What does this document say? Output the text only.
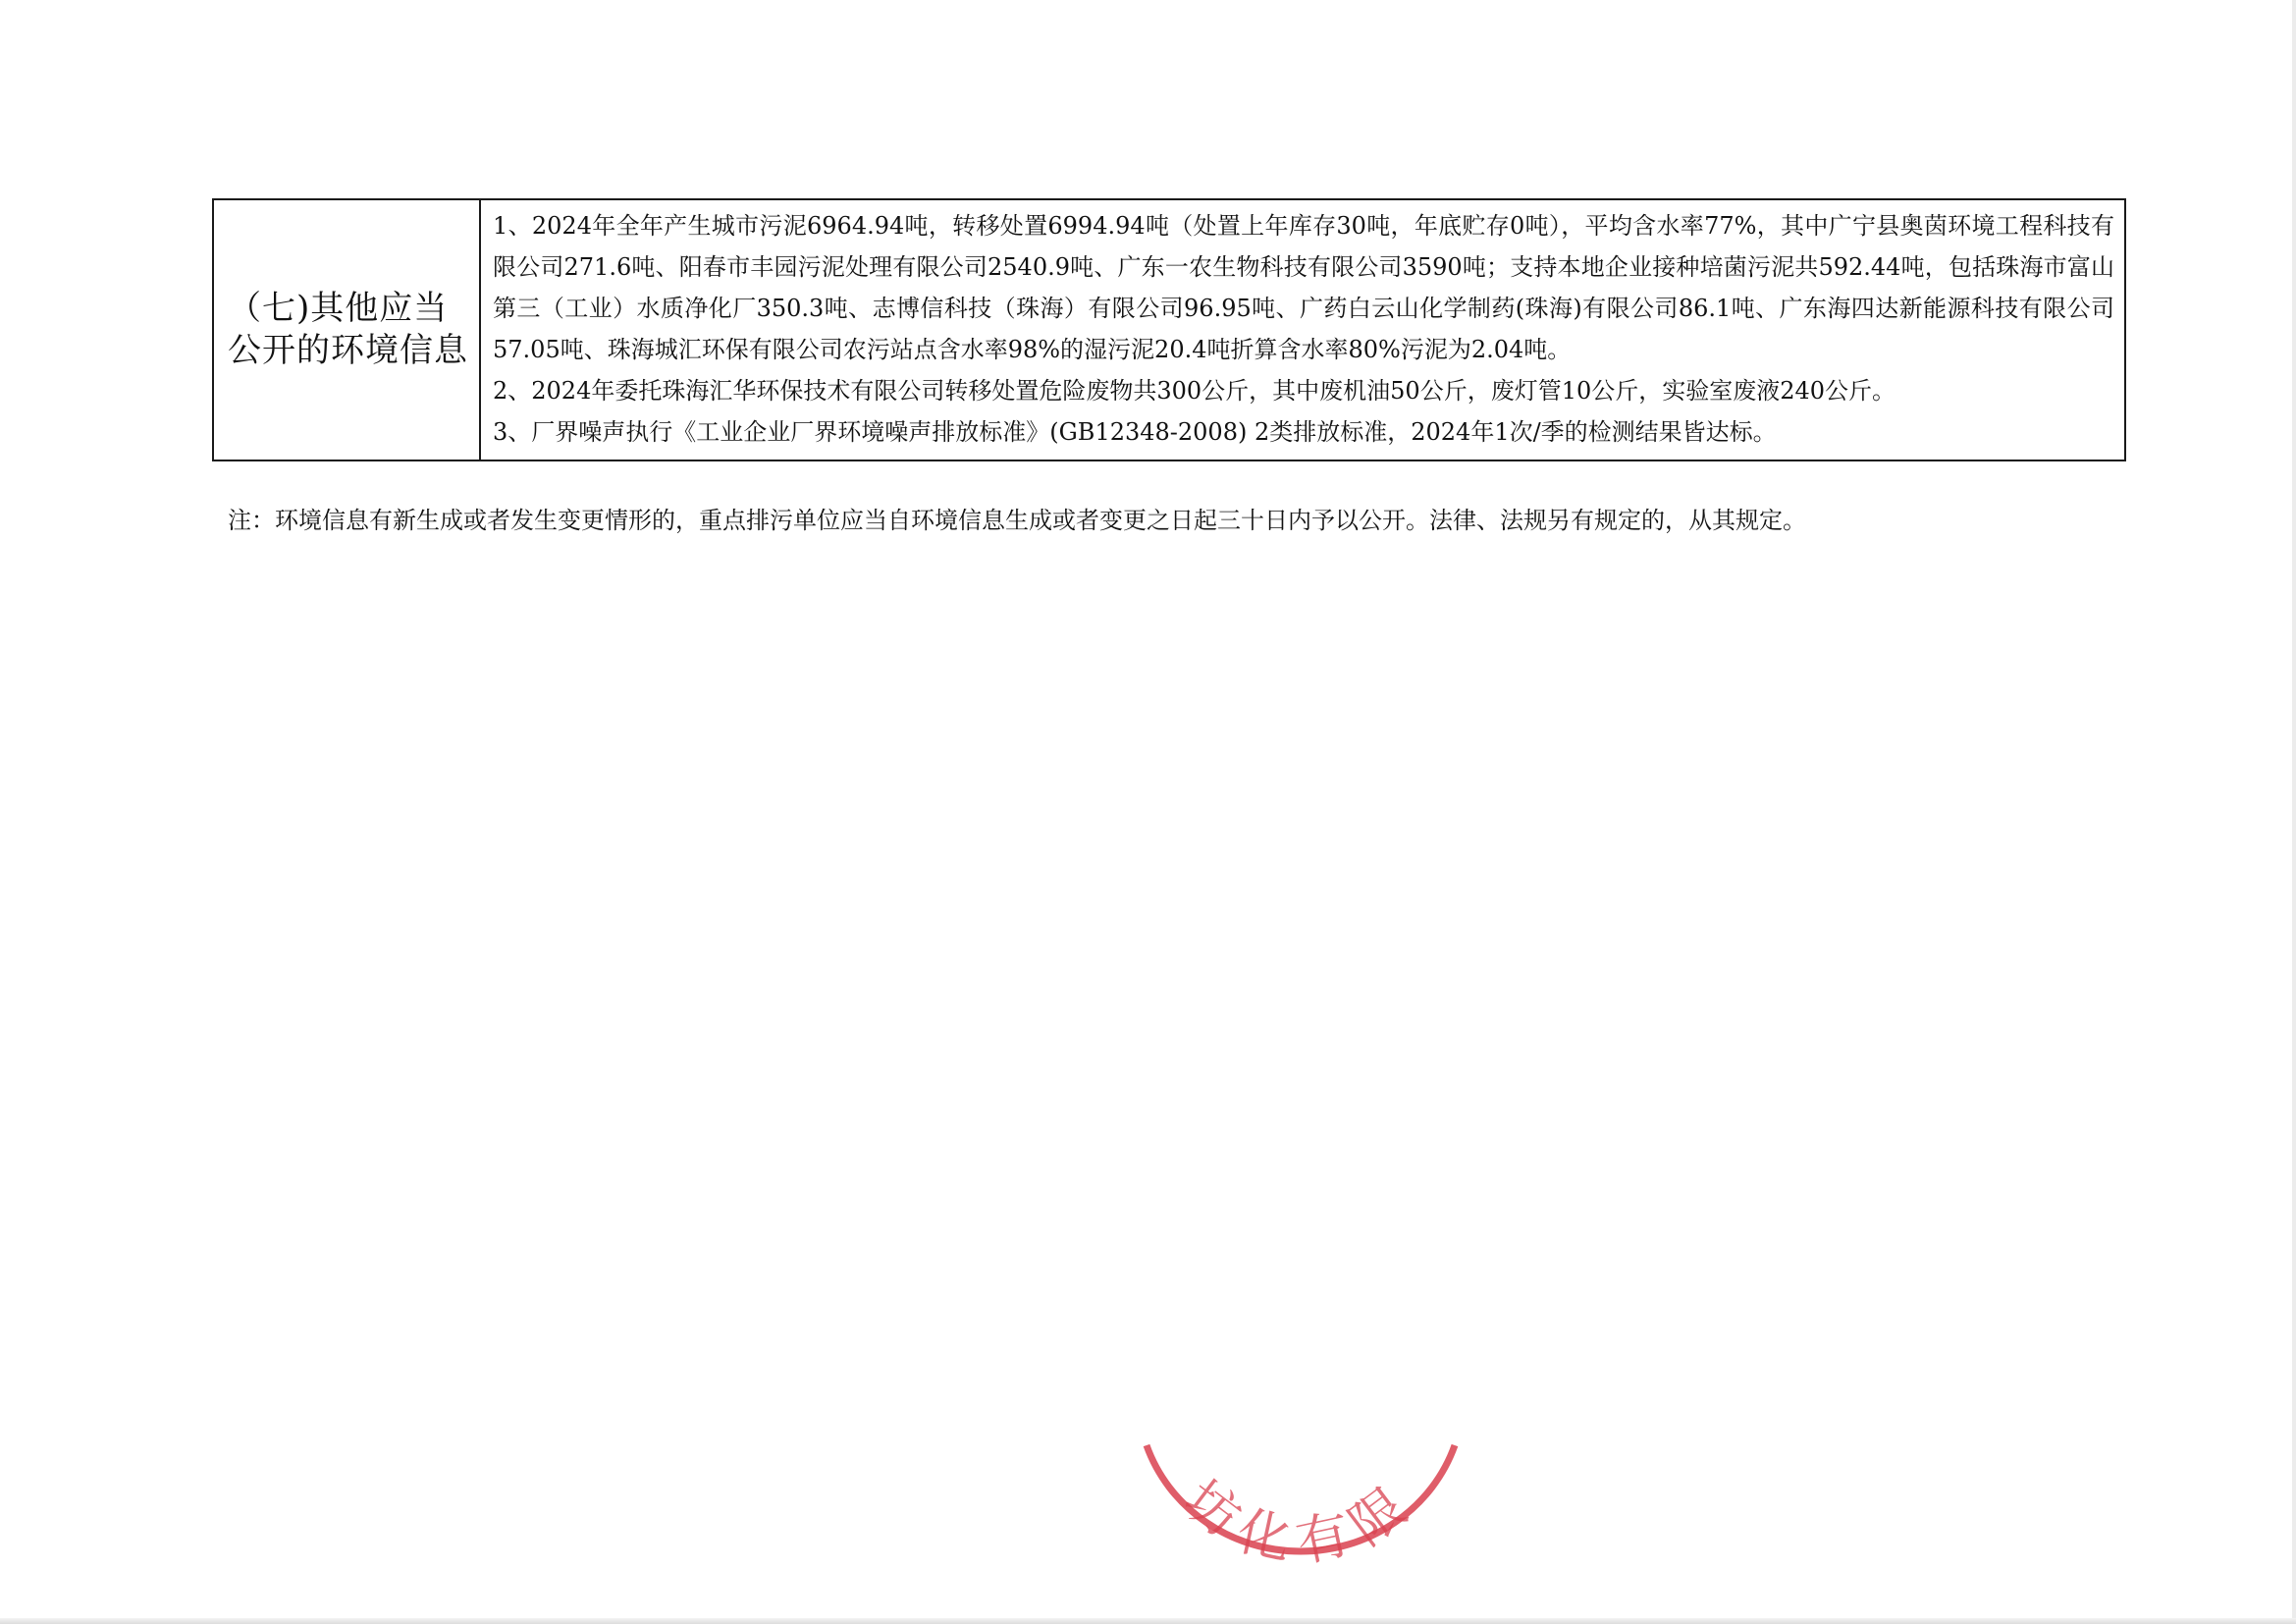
（七)其他应当公开的环境信息	
1、2024年全年产生城市污泥6964.94吨，转移处置6994.94吨（处置上年库存30吨，年底贮存0吨），平均含水率77%，其中广宁县奥茵环境工程科技有限公司271.6吨、阳春市丰园污泥处理有限公司2540.9吨、广东一农生物科技有限公司3590吨；支持本地企业接种培菌污泥共592.44吨，包括珠海市富山第三（工业）水质净化厂350.3吨、志博信科技（珠海）有限公司96.95吨、广药白云山化学制药(珠海)有限公司86.1吨、广东海四达新能源科技有限公司57.05吨、珠海城汇环保有限公司农污站点含水率98%的湿污泥20.4吨折算含水率80%污泥为2.04吨。
2、2024年委托珠海汇华环保技术有限公司转移处置危险废物共300公斤，其中废机油50公斤，废灯管10公斤，实验室废液240公斤。
3、厂界噪声执行《工业企业厂界环境噪声排放标准》(GB12348-2008) 2类排放标准，2024年1次/季的检测结果皆达标。
注：环境信息有新生成或者发生变更情形的，重点排污单位应当自环境信息生成或者变更之日起三十日内予以公开。法律、法规另有规定的，从其规定。
坊化有限
